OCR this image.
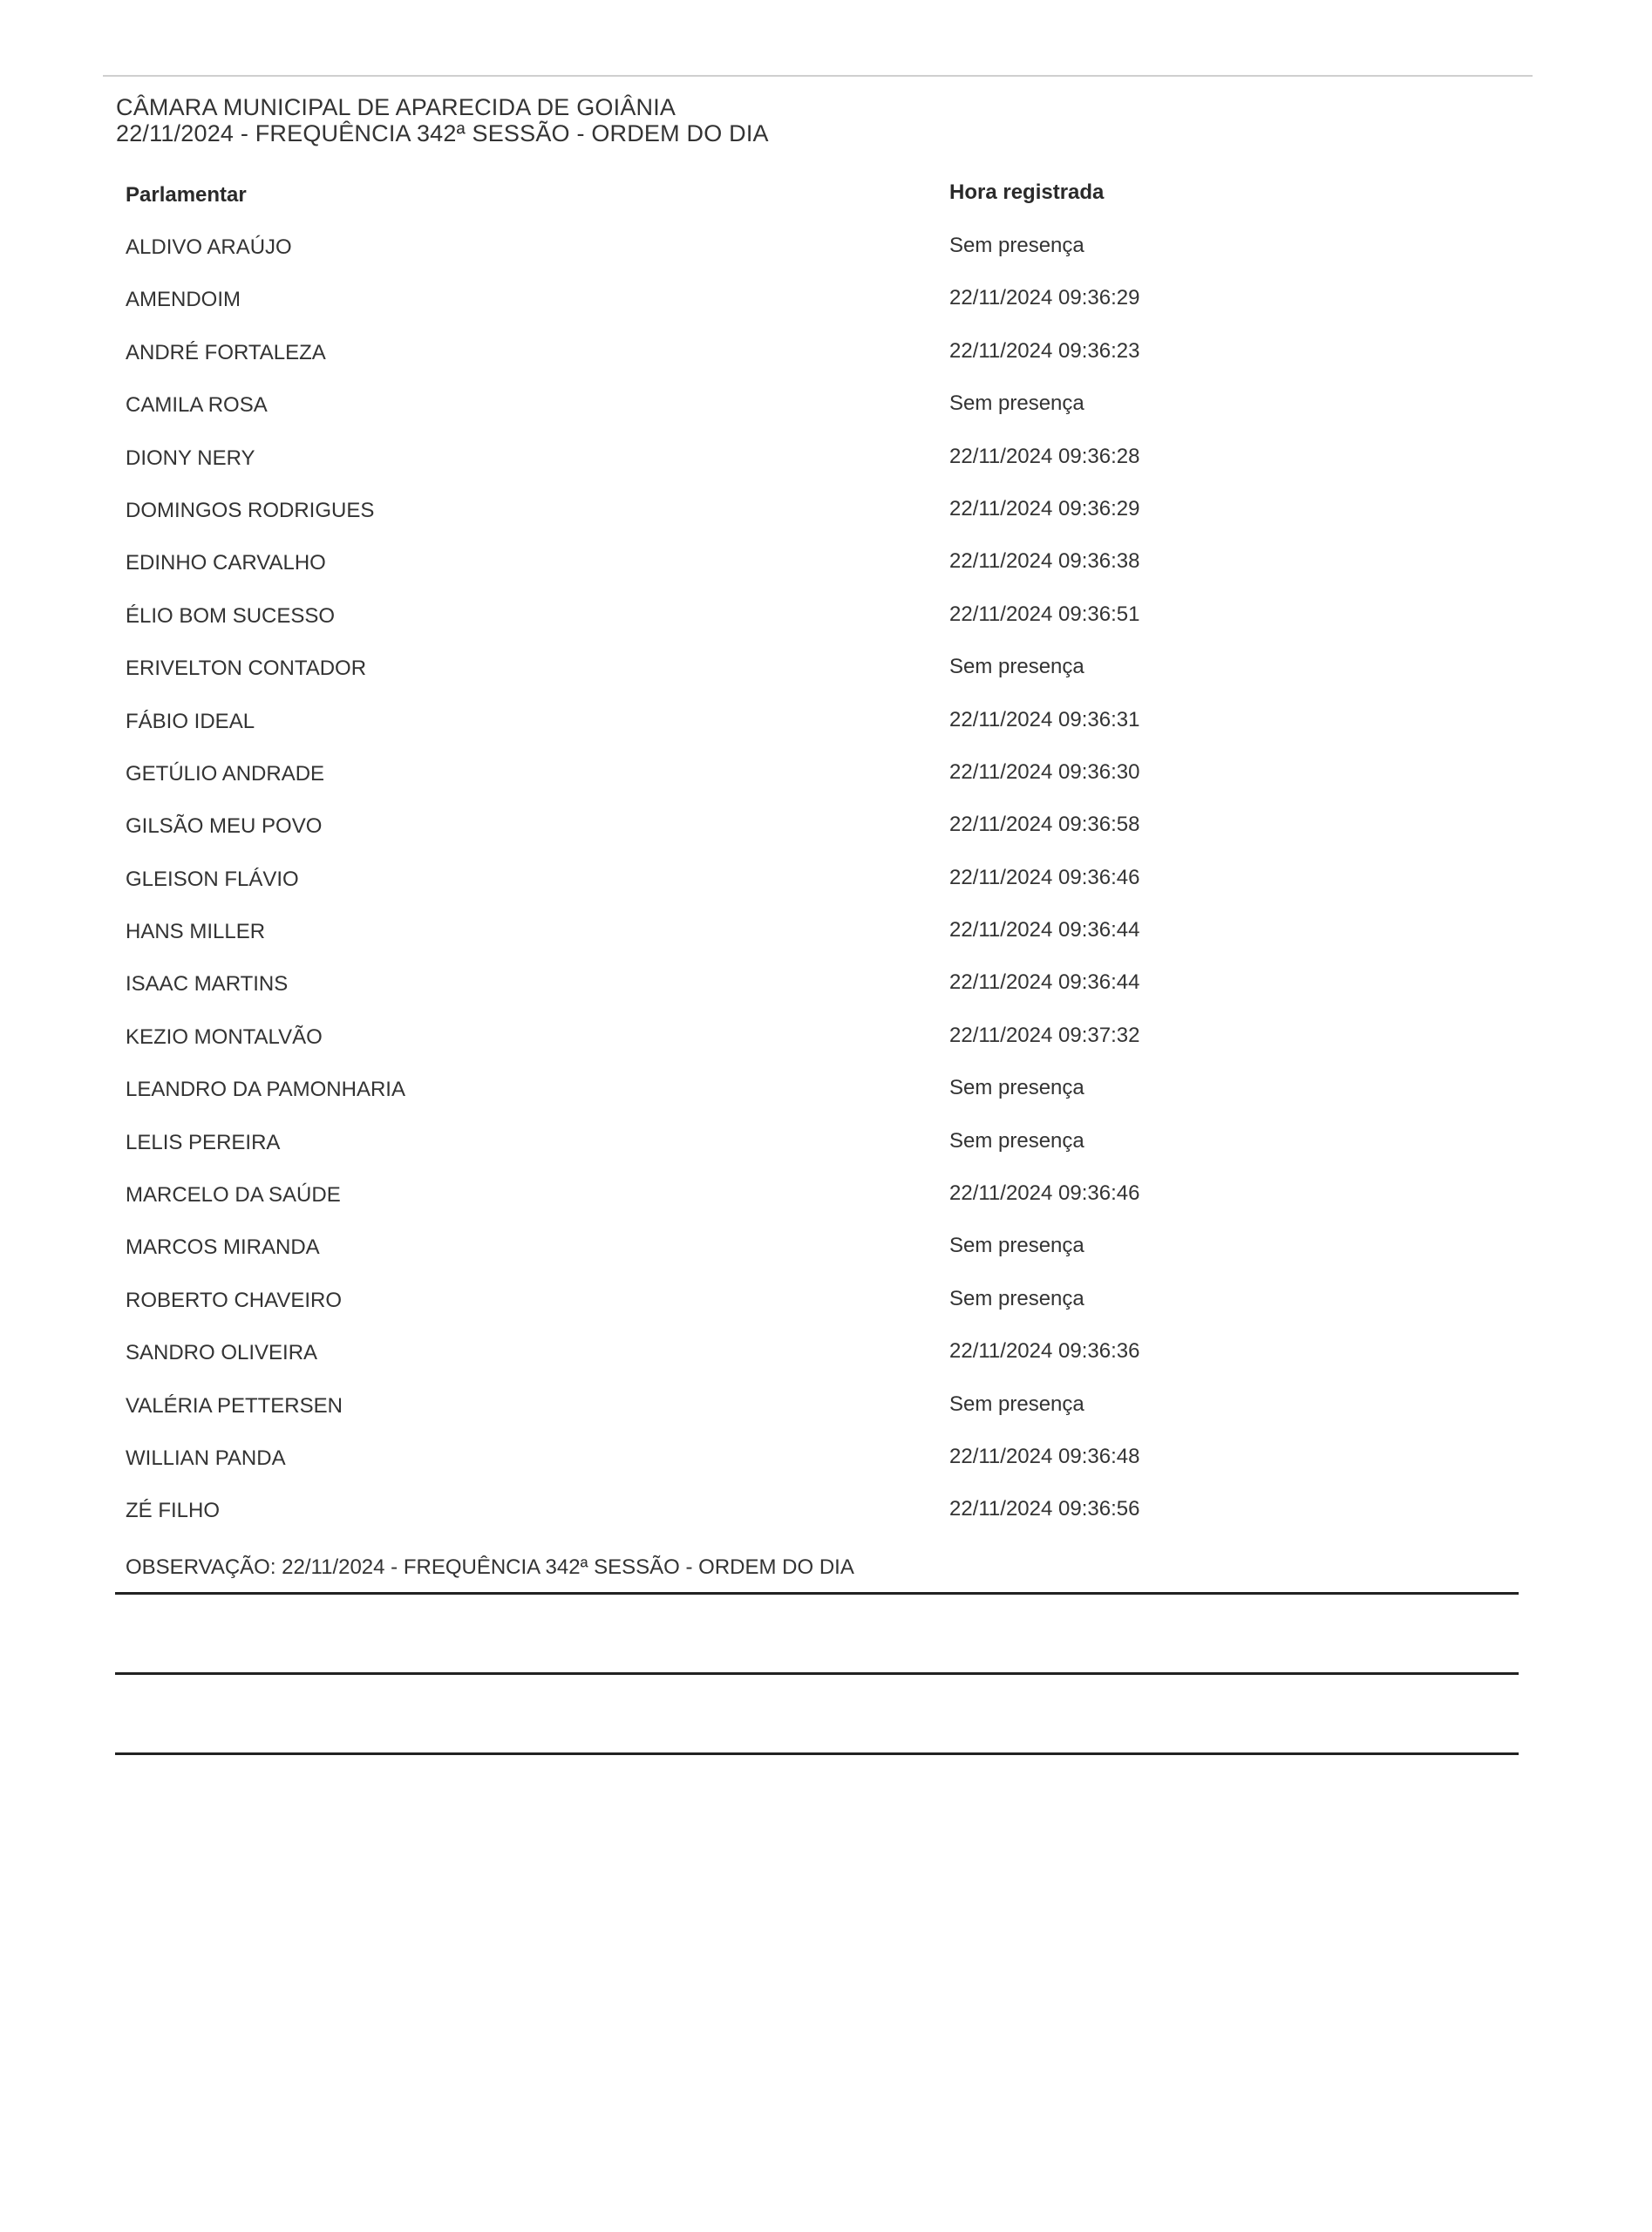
CÂMARA MUNICIPAL DE APARECIDA DE GOIÂNIA
22/11/2024 - FREQUÊNCIA 342ª SESSÃO - ORDEM DO DIA
Parlamentar	Hora registrada
ALDIVO ARAÚJO	Sem presença
AMENDOIM	22/11/2024 09:36:29
ANDRÉ FORTALEZA	22/11/2024 09:36:23
CAMILA ROSA	Sem presença
DIONY NERY	22/11/2024 09:36:28
DOMINGOS RODRIGUES	22/11/2024 09:36:29
EDINHO CARVALHO	22/11/2024 09:36:38
ÉLIO BOM SUCESSO	22/11/2024 09:36:51
ERIVELTON CONTADOR	Sem presença
FÁBIO IDEAL	22/11/2024 09:36:31
GETÚLIO ANDRADE	22/11/2024 09:36:30
GILSÃO MEU POVO	22/11/2024 09:36:58
GLEISON FLÁVIO	22/11/2024 09:36:46
HANS MILLER	22/11/2024 09:36:44
ISAAC MARTINS	22/11/2024 09:36:44
KEZIO MONTALVÃO	22/11/2024 09:37:32
LEANDRO DA PAMONHARIA	Sem presença
LELIS PEREIRA	Sem presença
MARCELO DA SAÚDE	22/11/2024 09:36:46
MARCOS MIRANDA	Sem presença
ROBERTO CHAVEIRO	Sem presença
SANDRO OLIVEIRA	22/11/2024 09:36:36
VALÉRIA PETTERSEN	Sem presença
WILLIAN PANDA	22/11/2024 09:36:48
ZÉ FILHO	22/11/2024 09:36:56
OBSERVAÇÃO: 22/11/2024 - FREQUÊNCIA 342ª SESSÃO - ORDEM DO DIA
